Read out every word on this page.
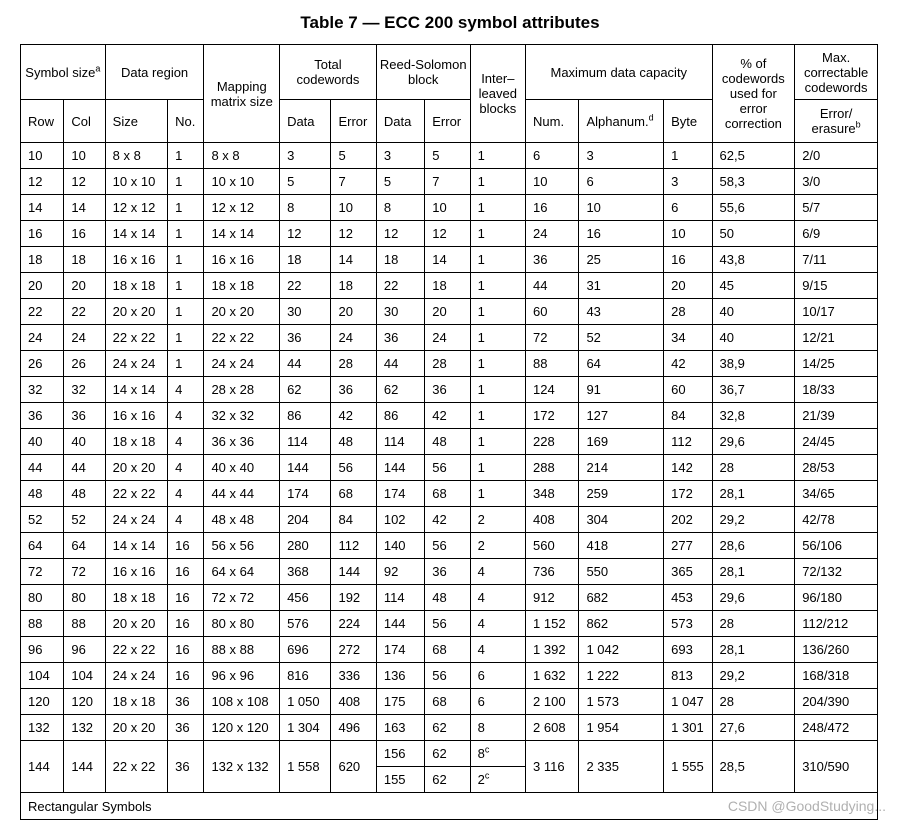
Table 7 — ECC 200 symbol attributes
Symbol size$^a$		Data region		Mapping matrix size	Total codewords		Reed-Solomon block		Inter– leaved blocks	Maximum data capacity			% of codewords used for error correction	Max. correctable codewords
Row	Col	Size	No.		Data	Error	Data	Error		Num.	Alphanum.$^d$	Byte		Error/ erasure$^b$
10	10	8 x 8	1	8 x 8	3	5	3	5	1	6	3	1	62,5	2/0
12	12	10 x 10	1	10 x 10	5	7	5	7	1	10	6	3	58,3	3/0
14	14	12 x 12	1	12 x 12	8	10	8	10	1	16	10	6	55,6	5/7
16	16	14 x 14	1	14 x 14	12	12	12	12	1	24	16	10	50	6/9
18	18	16 x 16	1	16 x 16	18	14	18	14	1	36	25	16	43,8	7/11
20	20	18 x 18	1	18 x 18	22	18	22	18	1	44	31	20	45	9/15
22	22	20 x 20	1	20 x 20	30	20	30	20	1	60	43	28	40	10/17
24	24	22 x 22	1	22 x 22	36	24	36	24	1	72	52	34	40	12/21
26	26	24 x 24	1	24 x 24	44	28	44	28	1	88	64	42	38,9	14/25
32	32	14 x 14	4	28 x 28	62	36	62	36	1	124	91	60	36,7	18/33
36	36	16 x 16	4	32 x 32	86	42	86	42	1	172	127	84	32,8	21/39
40	40	18 x 18	4	36 x 36	114	48	114	48	1	228	169	112	29,6	24/45
44	44	20 x 20	4	40 x 40	144	56	144	56	1	288	214	142	28	28/53
48	48	22 x 22	4	44 x 44	174	68	174	68	1	348	259	172	28,1	34/65
52	52	24 x 24	4	48 x 48	204	84	102	42	2	408	304	202	29,2	42/78
64	64	14 x 14	16	56 x 56	280	112	140	56	2	560	418	277	28,6	56/106
72	72	16 x 16	16	64 x 64	368	144	92	36	4	736	550	365	28,1	72/132
80	80	18 x 18	16	72 x 72	456	192	114	48	4	912	682	453	29,6	96/180
88	88	20 x 20	16	80 x 80	576	224	144	56	4	1 152	862	573	28	112/212
96	96	22 x 22	16	88 x 88	696	272	174	68	4	1 392	1 042	693	28,1	136/260
104	104	24 x 24	16	96 x 96	816	336	136	56	6	1 632	1 222	813	29,2	168/318
120	120	18 x 18	36	108 x 108	1 050	408	175	68	6	2 100	1 573	1 047	28	204/390
132	132	20 x 20	36	120 x 120	1 304	496	163	62	8	2 608	1 954	1 301	27,6	248/472
144	144	22 x 22	36	132 x 132	1 558	620	156	62	8$^c$	3 116	2 335	1 555	28,5	310/590
							155	62	2$^c$
Rectangular Symbols															CSDN @GoodStudying...
